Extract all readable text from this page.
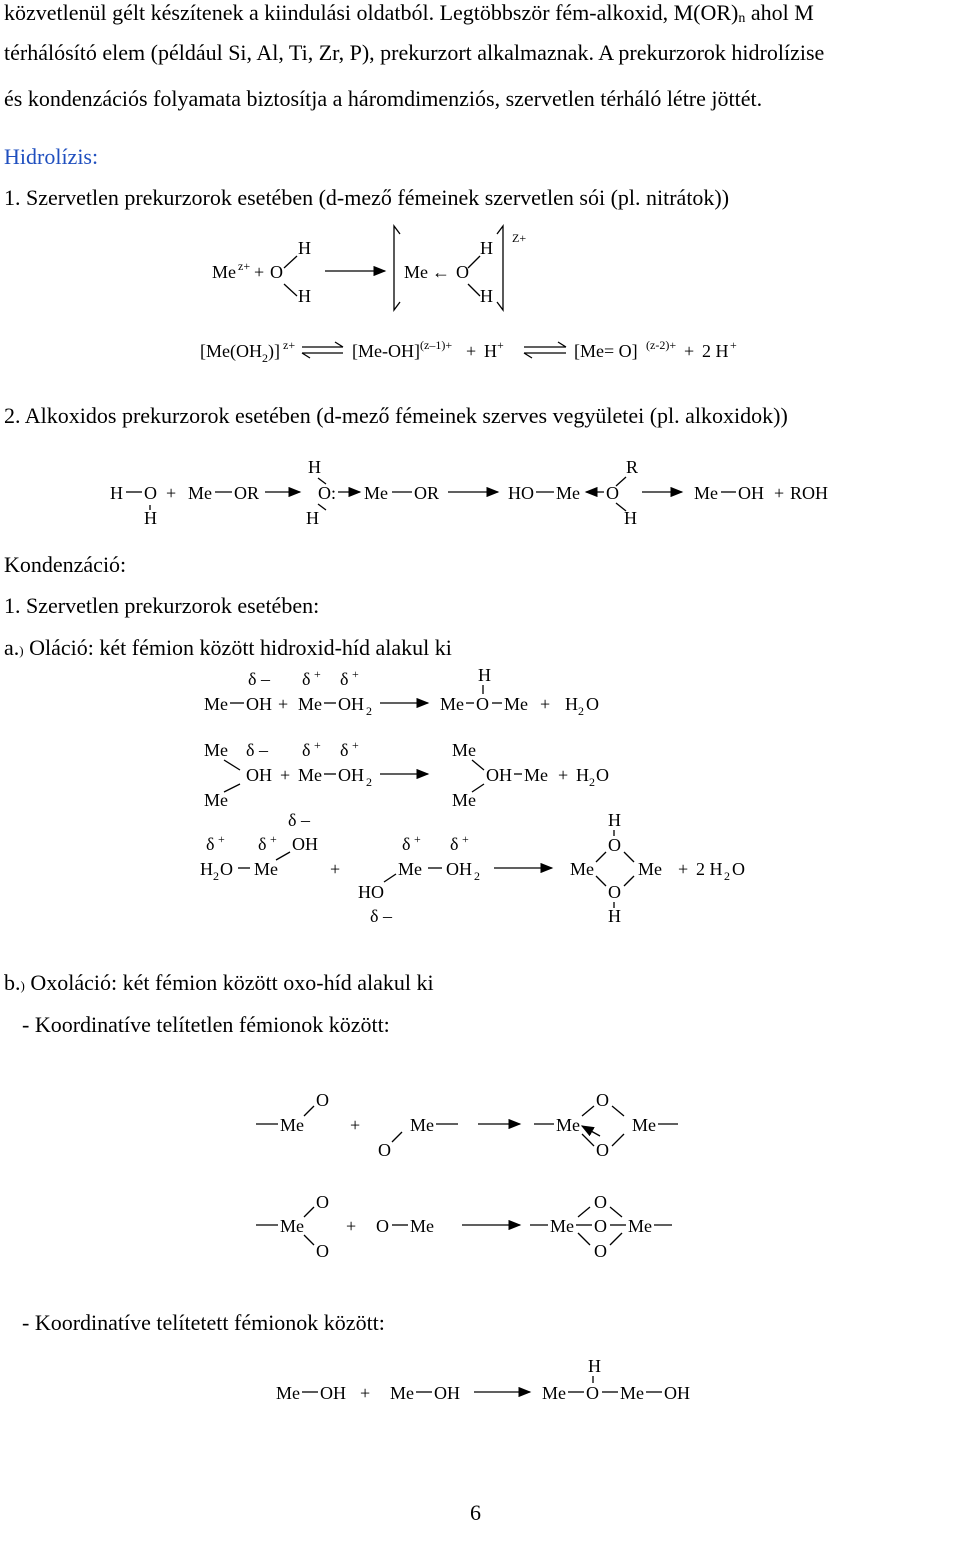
közvetlenül gélt készítenek a kiindulási oldatból. Legtöbbször fém-alkoxid, M(OR)n ahol M
térhálósító elem (például Si, Al, Ti, Zr, P), prekurzort alkalmaznak. A prekurzorok hidrolízise
és kondenzációs folyamata biztosítja a háromdimenziós, szervetlen térháló létre jöttét.
Hidrolízis:
1. Szervetlen prekurzorok esetében (d-mező fémeinek szervetlen sói (pl. nitrátok))
2. Alkoxidos prekurzorok esetében (d-mező fémeinek szerves vegyületei (pl. alkoxidok))
Kondenzáció:
1. Szervetlen prekurzorok esetében:
a.) Oláció: két fémion között hidroxid-híd alakul ki
b.) Oxoláció: két fémion között oxo-híd alakul ki
- Koordinatíve telítetlen fémionok között:
- Koordinatíve telítetett fémionok között:
6
Me z+ + O
H
H
Me ← O
H
H
Z+
[Me(OH 2 )] z+	[Me-OH] (z–1)+ + H +	[Me= O] (z-2)+ + 2 H +
H O
H
+ Me OR
H
O:
H
Me OR	HO Me O
R
H
Me OH + ROH
δ – δ + δ +
Me OH + Me OH 2	Me O
H
Me + H 2 O
Me δ – δ + δ +
OH
Me
+ Me OH 2
Me
OH
Me
Me + H 2 O
δ –
δ + δ + OH
H 2 O Me	+
δ + δ +
Me OH 2
HO
δ –
Me
H
O
Me
O
H
+ 2 H 2 O
Me
O
+
O
Me	Me
O
O
Me
Me
O
O
+ O Me	Me
O
O
O
Me
Me OH + Me OH	Me O
H
Me OH
